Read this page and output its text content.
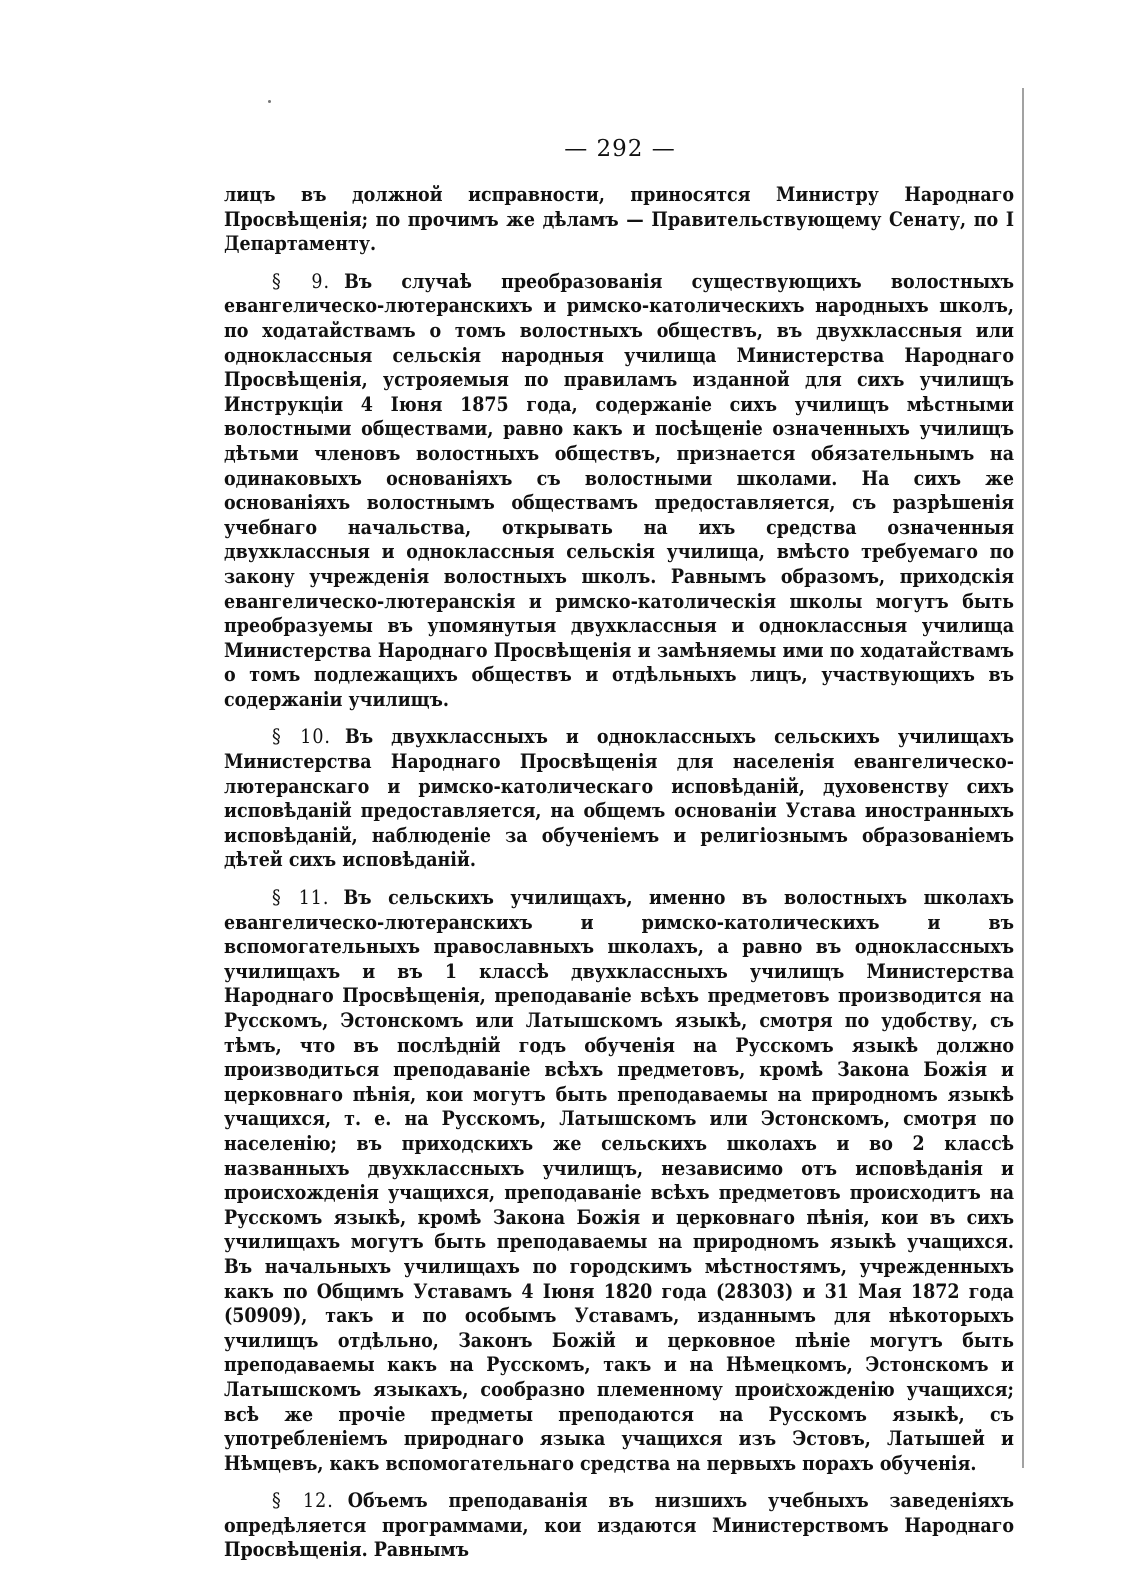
— 292 —

лицъ въ должной исправности, приносятся Министру Народнаго Просвѣщенія; по прочимъ же дѣламъ — Правительствующему Сенату, по I Департаменту.

§ 9. Въ случаѣ преобразованія существующихъ волостныхъ евангелическо-лютеранскихъ и римско-католическихъ народныхъ школъ, по ходатайствамъ о томъ волостныхъ обществъ, въ двухклассныя или одноклассныя сельскія народныя училища Министерства Народнаго Просвѣщенія, устрояемыя по правиламъ изданной для сихъ училищъ Инструкціи 4 Іюня 1875 года, содержаніе сихъ училищъ мѣстными волостными обществами, равно какъ и посѣщеніе означенныхъ училищъ дѣтьми членовъ волостныхъ обществъ, признается обязательнымъ на одинаковыхъ основаніяхъ съ волостными школами. На сихъ же основаніяхъ волостнымъ обществамъ предоставляется, съ разрѣшенія учебнаго начальства, открывать на ихъ средства означенныя двухклассныя и одноклассныя сельскія училища, вмѣсто требуемаго по закону учрежденія волостныхъ школъ. Равнымъ образомъ, приходскія евангелическо-лютеранскія и римско-католическія школы могутъ быть преобразуемы въ упомянутыя двухклассныя и одноклассныя училища Министерства Народнаго Просвѣщенія и замѣняемы ими по ходатайствамъ о томъ подлежащихъ обществъ и отдѣльныхъ лицъ, участвующихъ въ содержаніи училищъ.

§ 10. Въ двухклассныхъ и одноклассныхъ сельскихъ училищахъ Министерства Народнаго Просвѣщенія для населенія евангелическо-лютеранскаго и римско-католическаго исповѣданій, духовенству сихъ исповѣданій предоставляется, на общемъ основаніи Устава иностранныхъ исповѣданій, наблюденіе за обученіемъ и религіознымъ образованіемъ дѣтей сихъ исповѣданій.

§ 11. Въ сельскихъ училищахъ, именно въ волостныхъ школахъ евангелическо-лютеранскихъ и римско-католическихъ и въ вспомогательныхъ православныхъ школахъ, а равно въ одноклассныхъ училищахъ и въ 1 классѣ двухклассныхъ училищъ Министерства Народнаго Просвѣщенія, преподаваніе всѣхъ предметовъ производится на Русскомъ, Эстонскомъ или Латышскомъ языкѣ, смотря по удобству, съ тѣмъ, что въ послѣдній годъ обученія на Русскомъ языкѣ должно производиться преподаваніе всѣхъ предметовъ, кромѣ Закона Божія и церковнаго пѣнія, кои могутъ быть преподаваемы на природномъ языкѣ учащихся, т. е. на Русскомъ, Латышскомъ или Эстонскомъ, смотря по населенію; въ приходскихъ же сельскихъ школахъ и во 2 классѣ названныхъ двухклассныхъ училищъ, независимо отъ исповѣданія и происхожденія учащихся, преподаваніе всѣхъ предметовъ происходитъ на Русскомъ языкѣ, кромѣ Закона Божія и церковнаго пѣнія, кои въ сихъ училищахъ могутъ быть преподаваемы на природномъ языкѣ учащихся. Въ начальныхъ училищахъ по городскимъ мѣстностямъ, учрежденныхъ какъ по Общимъ Уставамъ 4 Іюня 1820 года (28303) и 31 Мая 1872 года (50909), такъ и по особымъ Уставамъ, изданнымъ для нѣкоторыхъ училищъ отдѣльно, Законъ Божій и церковное пѣніе могутъ быть преподаваемы какъ на Русскомъ, такъ и на Нѣмецкомъ, Эстонскомъ и Латышскомъ языкахъ, сообразно племенному происхожденію учащихся; всѣ же прочіе предметы преподаются на Русскомъ языкѣ, съ употребленіемъ природнаго языка учащихся изъ Эстовъ, Латышей и Нѣмцевъ, какъ вспомогательнаго средства на первыхъ порахъ обученія.

§ 12. Объемъ преподаванія въ низшихъ учебныхъ заведеніяхъ опредѣляется программами, кои издаются Министерствомъ Народнаго Просвѣщенія. Равнымъ
